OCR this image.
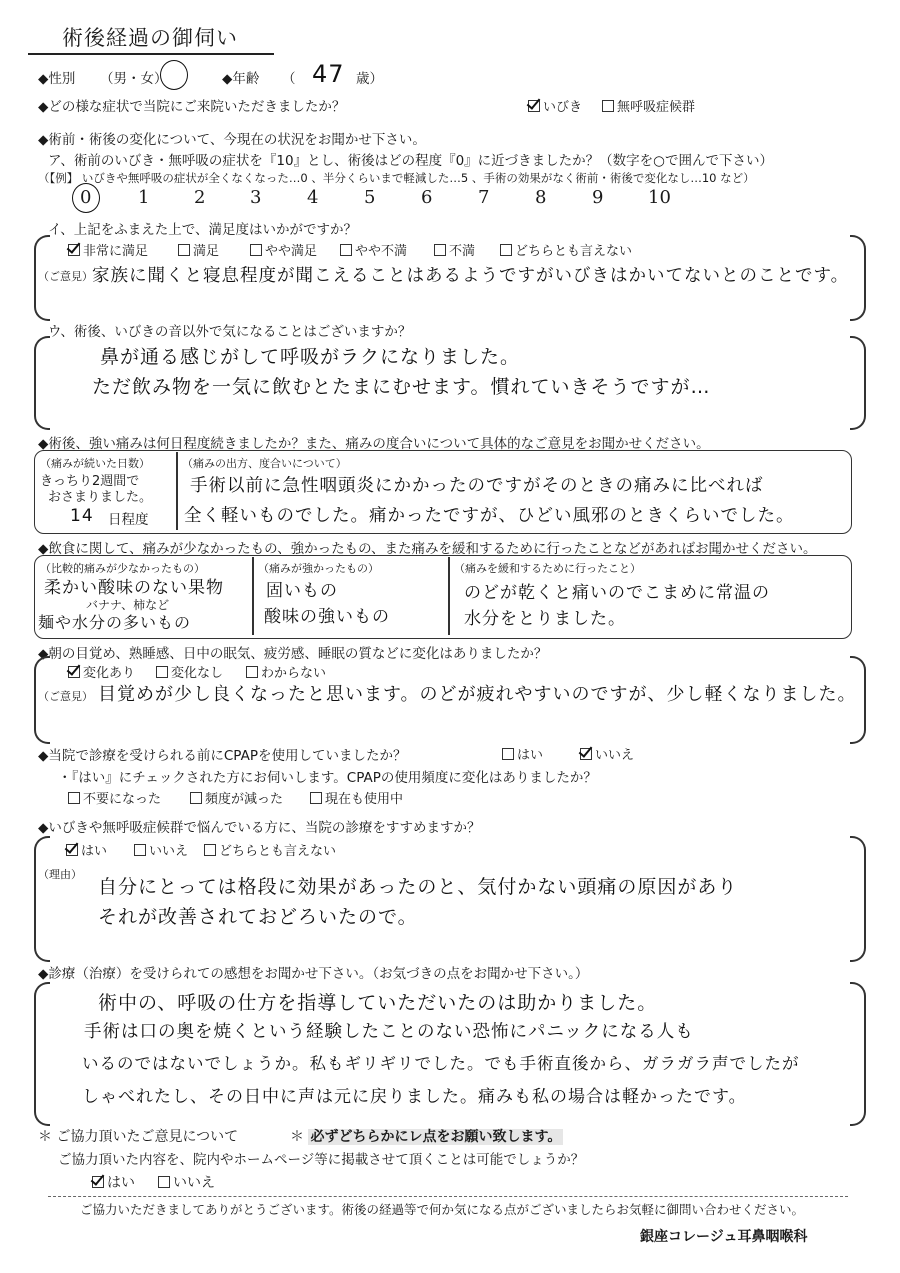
術後経過の御伺い
◆性別 （男・女）	◆年齢 （ 47 歳）
◆どの様な症状で当院にご来院いただきましたか？	いびき	無呼吸症候群
◆術前・術後の変化について、今現在の状況をお聞かせ下さい。
ア、術前のいびき・無呼吸の症状を『10』とし、術後はどの程度『0』に近づきましたか？（数字を○で囲んで下さい）
（【例】 いびきや無呼吸の症状が全くなくなった…0 、半分くらいまで軽減した…5 、手術の効果がなく術前・術後で変化なし…10 など）
0	1 2 3	4	5	6	7	8	9 10
イ、上記をふまえた上で、満足度はいかがですか？
非常に満足	満足	やや満足	やや不満	不満	どちらとも言えない
（ご意見） 家族に聞くと寝息程度が聞こえることはあるようですがいびきはかいてないとのことです。
ウ、術後、いびきの音以外で気になることはございますか？
鼻が通る感じがして呼吸がラクになりました。
ただ飲み物を一気に飲むとたまにむせます。慣れていきそうですが…
◆術後、強い痛みは何日程度続きましたか？また、痛みの度合いについて具体的なご意見をお聞かせください。
（痛みが続いた日数）
きっちり2週間で
おさまりました。
14 日程度
（痛みの出方、度合いについて）
手術以前に急性咽頭炎にかかったのですがそのときの痛みに比べれば
全く軽いものでした。痛かったですが、ひどい風邪のときくらいでした。
◆飲食に関して、痛みが少なかったもの、強かったもの、また痛みを緩和するために行ったことなどがあればお聞かせください。
（比較的痛みが少なかったもの）
柔かい酸味のない果物
バナナ、柿など
麺や水分の多いもの
（痛みが強かったもの）
固いもの
酸味の強いもの
（痛みを緩和するために行ったこと）
のどが乾くと痛いのでこまめに常温の
水分をとりました。
◆朝の目覚め、熟睡感、日中の眠気、疲労感、睡眠の質などに変化はありましたか？
変化あり	変化なし	わからない
（ご意見） 目覚めが少し良くなったと思います。のどが疲れやすいのですが、少し軽くなりました。
◆当院で診療を受けられる前にCPAPを使用していましたか？	はい	いいえ
・『はい』にチェックされた方にお伺いします。CPAPの使用頻度に変化はありましたか？
不要になった	頻度が減った	現在も使用中
◆いびきや無呼吸症候群で悩んでいる方に、当院の診療をすすめますか？
はい	いいえ	どちらとも言えない
（理由）
自分にとっては格段に効果があったのと、気付かない頭痛の原因があり
それが改善されておどろいたので。
◆診療（治療）を受けられての感想をお聞かせ下さい。（お気づきの点をお聞かせ下さい。）
術中の、呼吸の仕方を指導していただいたのは助かりました。
手術は口の奥を焼くという経験したことのない恐怖にパニックになる人も
いるのではないでしょうか。私もギリギリでした。でも手術直後から、ガラガラ声でしたが
しゃべれたし、その日中に声は元に戻りました。痛みも私の場合は軽かったです。
＊ ご協力頂いたご意見について	＊ 必ずどちらかにレ点をお願い致します。
ご協力頂いた内容を、院内やホームページ等に掲載させて頂くことは可能でしょうか？
はい	いいえ
ご協力いただきましてありがとうございます。術後の経過等で何か気になる点がございましたらお気軽に御問い合わせください。
銀座コレージュ耳鼻咽喉科
